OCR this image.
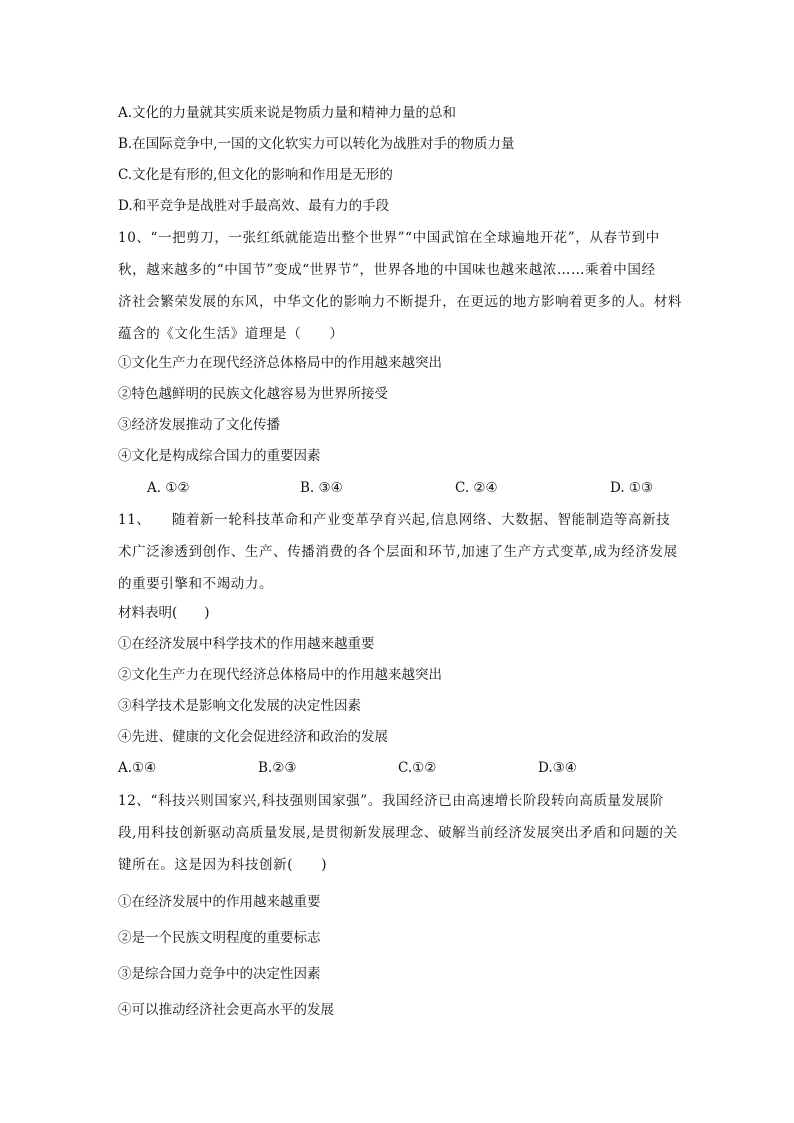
A.文化的力量就其实质来说是物质力量和精神力量的总和
B.在国际竞争中,一国的文化软实力可以转化为战胜对手的物质力量
C.文化是有形的,但文化的影响和作用是无形的
D.和平竞争是战胜对手最高效、最有力的手段
10、“一把剪刀，一张红纸就能造出整个世界”“中国武馆在全球遍地开花”，从春节到中
秋，越来越多的“中国节”变成“世界节”，世界各地的中国味也越来越浓……乘着中国经
济社会繁荣发展的东风，中华文化的影响力不断提升，在更远的地方影响着更多的人。材料
蕴含的《文化生活》道理是（　　）
①文化生产力在现代经济总体格局中的作用越来越突出
②特色越鲜明的民族文化越容易为世界所接受
③经济发展推动了文化传播
④文化是构成综合国力的重要因素
A. ①②	B. ③④	C. ②④	D. ①③
11、　　随着新一轮科技革命和产业变革孕育兴起,信息网络、大数据、智能制造等高新技
术广泛渗透到创作、生产、传播消费的各个层面和环节,加速了生产方式变革,成为经济发展
的重要引擎和不竭动力。
材料表明(　　)
①在经济发展中科学技术的作用越来越重要
②文化生产力在现代经济总体格局中的作用越来越突出
③科学技术是影响文化发展的决定性因素
④先进、健康的文化会促进经济和政治的发展
A.①④	B.②③	C.①②	D.③④
12、“科技兴则国家兴,科技强则国家强”。我国经济已由高速增长阶段转向高质量发展阶
段,用科技创新驱动高质量发展,是贯彻新发展理念、破解当前经济发展突出矛盾和问题的关
键所在。这是因为科技创新(　　)
①在经济发展中的作用越来越重要
②是一个民族文明程度的重要标志
③是综合国力竞争中的决定性因素
④可以推动经济社会更高水平的发展
